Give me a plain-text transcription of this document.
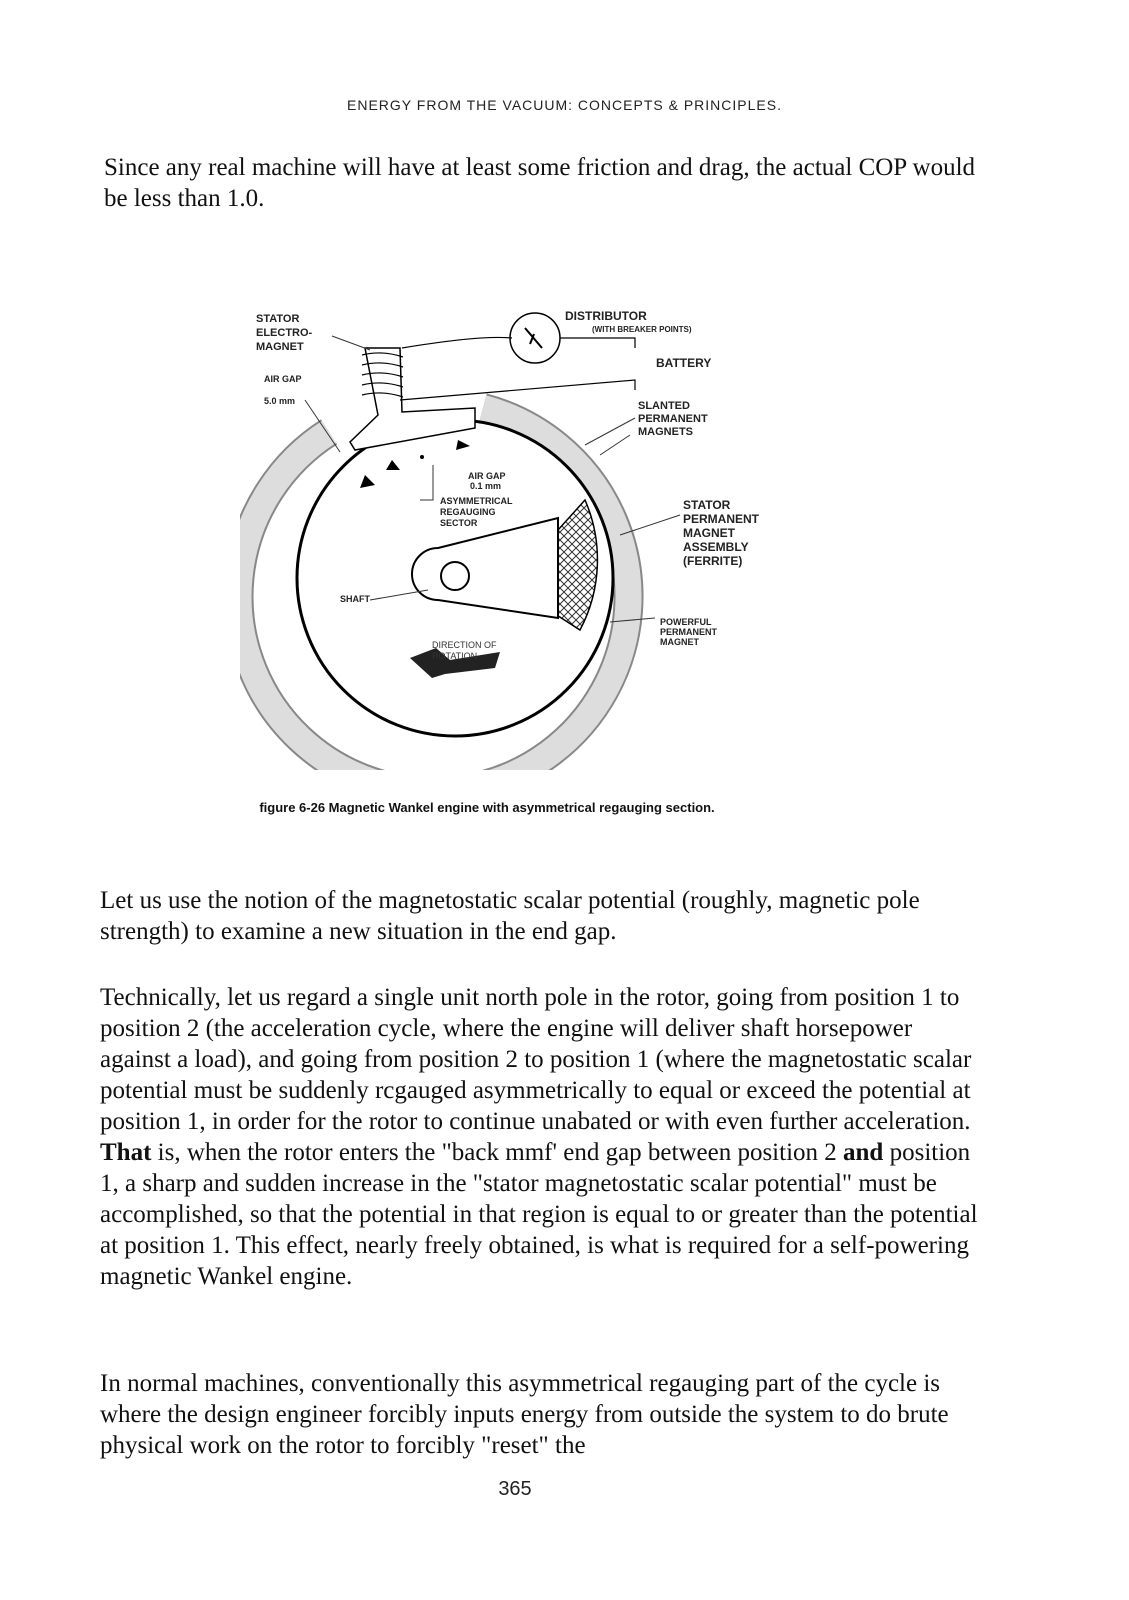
ENERGY FROM THE VACUUM: CONCEPTS & PRINCIPLES.

Since any real machine will have at least some friction and drag, the actual COP would be less than 1.0.

STATOR
ELECTRO-
MAGNET
AIR GAP
5.0 mm
DISTRIBUTOR
(WITH BREAKER POINTS)
BATTERY
SLANTED
PERMANENT
MAGNETS
AIR GAP
0.1 mm
ASYMMETRICAL
REGAUGING
SECTOR
STATOR
PERMANENT
MAGNET
ASSEMBLY
(FERRITE)
SHAFT
POWERFUL
PERMANENT
MAGNET
DIRECTION OF
ROTATION
figure 6-26 Magnetic Wankel engine with asymmetrical regauging section.

Let us use the notion of the magnetostatic scalar potential (roughly, magnetic pole strength) to examine a new situation in the end gap.

Technically, let us regard a single unit north pole in the rotor, going from position 1 to position 2 (the acceleration cycle, where the engine will deliver shaft horsepower against a load), and going from position 2 to position 1 (where the magnetostatic scalar potential must be suddenly rcgauged asymmetrically to equal or exceed the potential at position 1, in order for the rotor to continue unabated or with even further acceleration. That is, when the rotor enters the "back mmf' end gap between position 2 and position 1, a sharp and sudden increase in the "stator magnetostatic scalar potential" must be accomplished, so that the potential in that region is equal to or greater than the potential at position 1. This effect, nearly freely obtained, is what is required for a self-powering magnetic Wankel engine.

In normal machines, conventionally this asymmetrical regauging part of the cycle is where the design engineer forcibly inputs energy from outside the system to do brute physical work on the rotor to forcibly "reset" the

365
